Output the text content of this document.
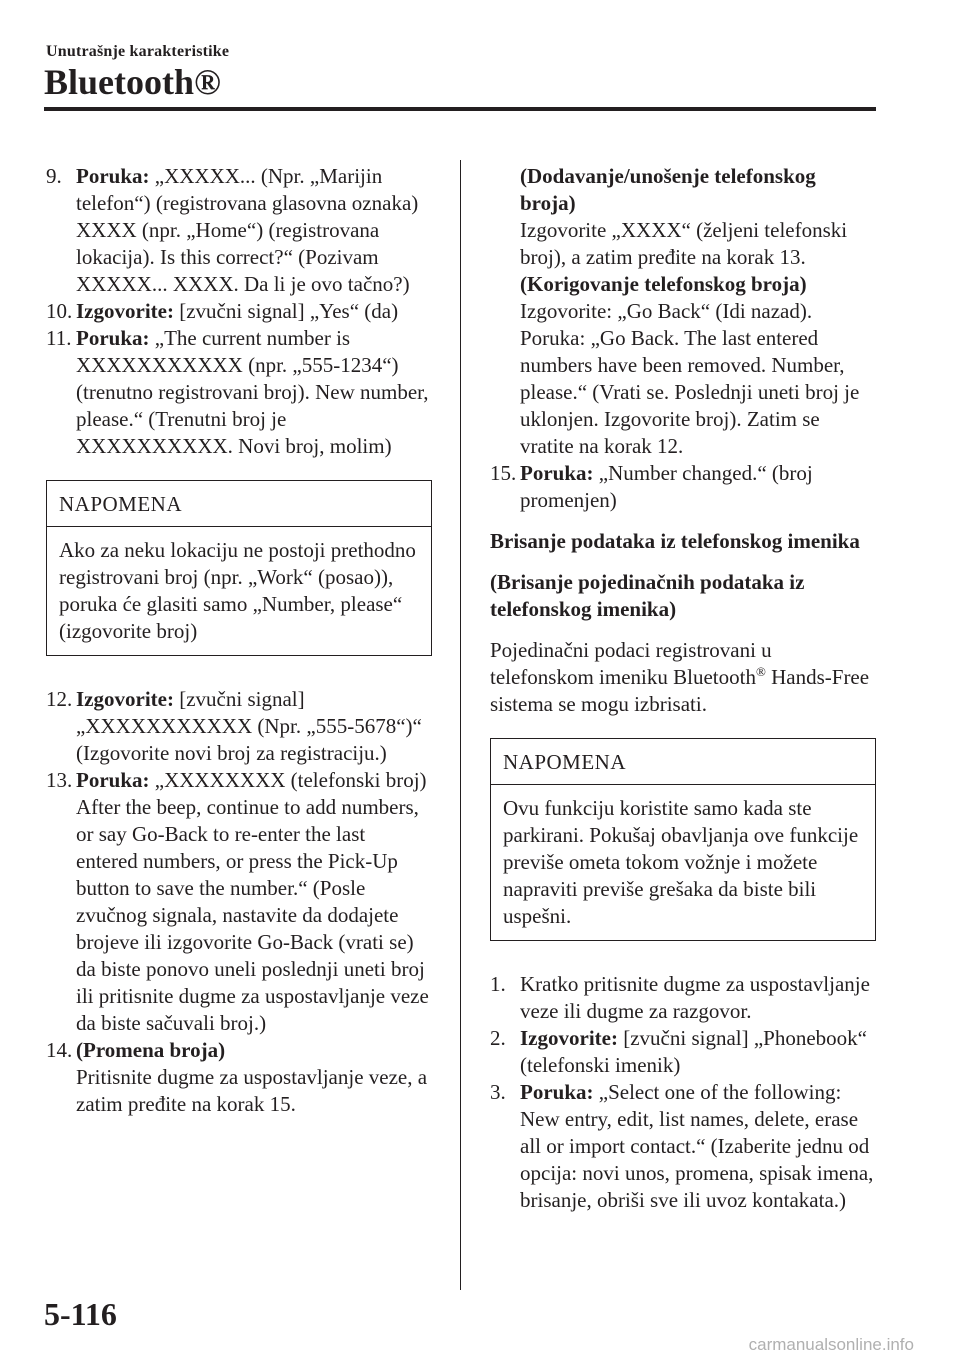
Unutrašnje karakteristike
Bluetooth®
9. Poruka: „XXXXX... (Npr. „Marijin telefon“) (registrovana glasovna oznaka) XXXX (npr. „Home“) (registrovana lokacija). Is this correct?“ (Pozivam XXXXX... XXXX. Da li je ovo tačno?)
10. Izgovorite: [zvučni signal] „Yes“ (da)
11. Poruka: „The current number is XXXXXXXXXXX (npr. „555-1234“) (trenutno registrovani broj). New number, please.“ (Trenutni broj je XXXXXXXXXX. Novi broj, molim)
NAPOMENA
Ako za neku lokaciju ne postoji prethodno registrovani broj (npr. „Work“ (posao)), poruka će glasiti samo „Number, please“ (izgovorite broj)
12. Izgovorite: [zvučni signal] „XXXXXXXXXXX (Npr. „555-5678“)“ (Izgovorite novi broj za registraciju.)
13. Poruka: „XXXXXXXX (telefonski broj) After the beep, continue to add numbers, or say Go-Back to re-enter the last entered numbers, or press the Pick-Up button to save the number.“ (Posle zvučnog signala, nastavite da dodajete brojeve ili izgovorite Go-Back (vrati se) da biste ponovo uneli poslednji uneti broj ili pritisnite dugme za uspostavljanje veze da biste sačuvali broj.)
14. (Promena broja)
Pritisnite dugme za uspostavljanje veze, a zatim pređite na korak 15.
(Dodavanje/unošenje telefonskog broja)
Izgovorite „XXXX“ (željeni telefonski broj), a zatim pređite na korak 13.
(Korigovanje telefonskog broja)
Izgovorite: „Go Back“ (Idi nazad). Poruka: „Go Back. The last entered numbers have been removed. Number, please.“ (Vrati se. Poslednji uneti broj je uklonjen. Izgovorite broj). Zatim se vratite na korak 12.
15. Poruka: „Number changed.“ (broj promenjen)
Brisanje podataka iz telefonskog imenika
(Brisanje pojedinačnih podataka iz telefonskog imenika)
Pojedinačni podaci registrovani u telefonskom imeniku Bluetooth® Hands-Free sistema se mogu izbrisati.
NAPOMENA
Ovu funkciju koristite samo kada ste parkirani. Pokušaj obavljanja ove funkcije previše ometa tokom vožnje i možete napraviti previše grešaka da biste bili uspešni.
1. Kratko pritisnite dugme za uspostavljanje veze ili dugme za razgovor.
2. Izgovorite: [zvučni signal] „Phonebook“ (telefonski imenik)
3. Poruka: „Select one of the following: New entry, edit, list names, delete, erase all or import contact.“ (Izaberite jednu od opcija: novi unos, promena, spisak imena, brisanje, obriši sve ili uvoz kontakata.)
5-116
carmanualsonline.info
